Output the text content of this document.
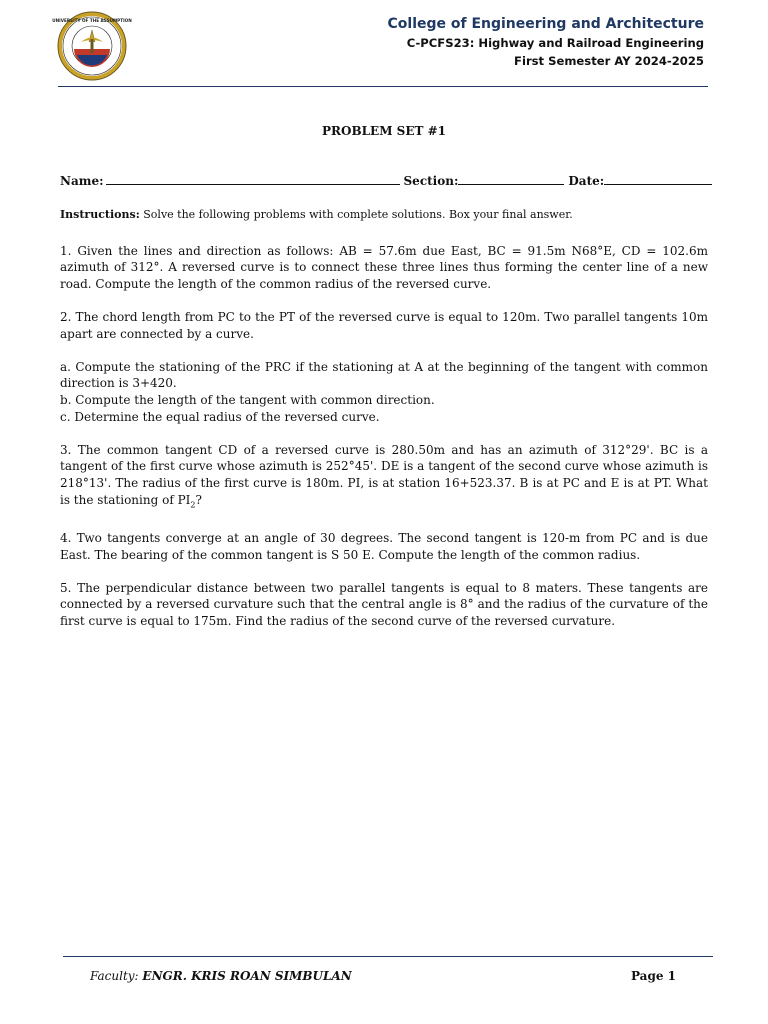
UNIVERSITY OF THE ASSUMPTION	College of Engineering and Architecture
C-PCFS23: Highway and Railroad Engineering
First Semester AY 2024-2025
PROBLEM SET #1
Name:	Section:	Date:

Instructions: Solve the following problems with complete solutions. Box your final answer.

1. Given the lines and direction as follows: AB = 57.6m due East, BC = 91.5m N68°E, CD = 102.6m azimuth of 312°. A reversed curve is to connect these three lines thus forming the center line of a new road. Compute the length of the common radius of the reversed curve.

2. The chord length from PC to the PT of the reversed curve is equal to 120m. Two parallel tangents 10m apart are connected by a curve.

a. Compute the stationing of the PRC if the stationing at A at the beginning of the tangent with common direction is 3+420.

b. Compute the length of the tangent with common direction.

c. Determine the equal radius of the reversed curve.

3. The common tangent CD of a reversed curve is 280.50m and has an azimuth of 312°29'. BC is a tangent of the first curve whose azimuth is 252°45'. DE is a tangent of the second curve whose azimuth is 218°13'. The radius of the first curve is 180m. PI, is at station 16+523.37. B is at PC and E is at PT. What is the stationing of $PI_2$?

4. Two tangents converge at an angle of 30 degrees. The second tangent is 120-m from PC and is due East. The bearing of the common tangent is S 50 E. Compute the length of the common radius.

5. The perpendicular distance between two parallel tangents is equal to 8 maters. These tangents are connected by a reversed curvature such that the central angle is 8° and the radius of the curvature of the first curve is equal to 175m. Find the radius of the second curve of the reversed curvature.

Faculty: ENGR. KRIS ROAN SIMBULAN	Page 1
